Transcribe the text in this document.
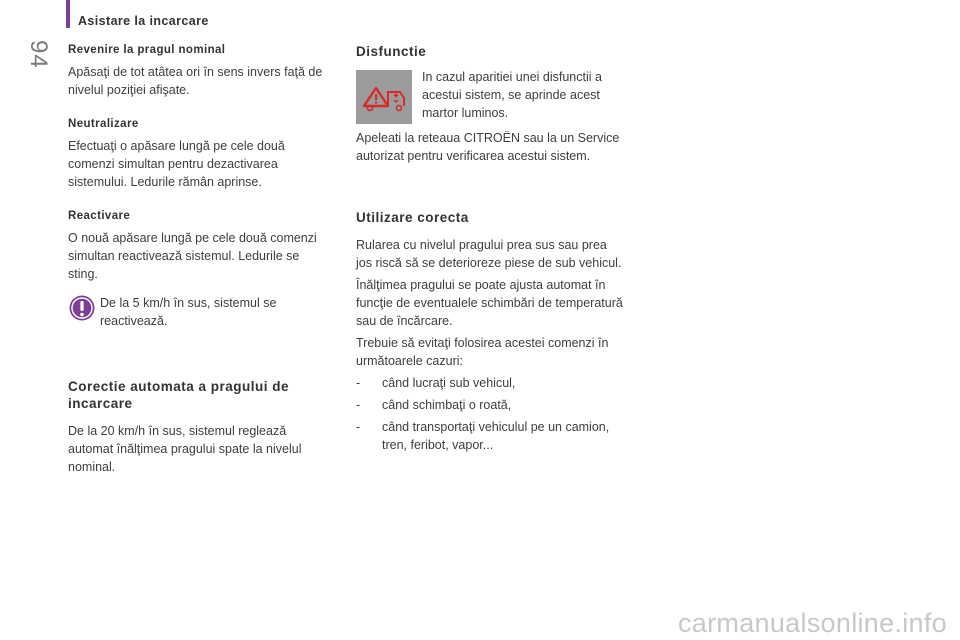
94
Asistare la incarcare
Revenire la pragul nominal

Apăsaţi de tot atâtea ori în sens invers faţă de nivelul poziţiei afişate.

Neutralizare

Efectuaţi o apăsare lungă pe cele două comenzi simultan pentru dezactivarea sistemului. Ledurile rămân aprinse.

Reactivare

O nouă apăsare lungă pe cele două comenzi simultan reactivează sistemul. Ledurile se sting.

De la 5 km/h în sus, sistemul se reactivează.

Corectie automata a pragului de incarcare

De la 20 km/h în sus, sistemul reglează automat înălţimea pragului spate la nivelul nominal.

Disfunctie

In cazul aparitiei unei disfunctii a acestui sistem, se aprinde acest martor luminos.

Apeleati la reteaua CITROËN sau la un Service autorizat pentru verificarea acestui sistem.

Utilizare corecta

Rularea cu nivelul pragului prea sus sau prea jos riscă să se deterioreze piese de sub vehicul.

Înălţimea pragului se poate ajusta automat în funcţie de eventualele schimbări de temperatură sau de încărcare.

Trebuie să evitaţi folosirea acestei comenzi în următoarele cazuri:

-	când lucraţi sub vehicul,

-	când schimbaţi o roată,

-	când transportaţi vehiculul pe un camion, tren, feribot, vapor...

carmanualsonline.info
